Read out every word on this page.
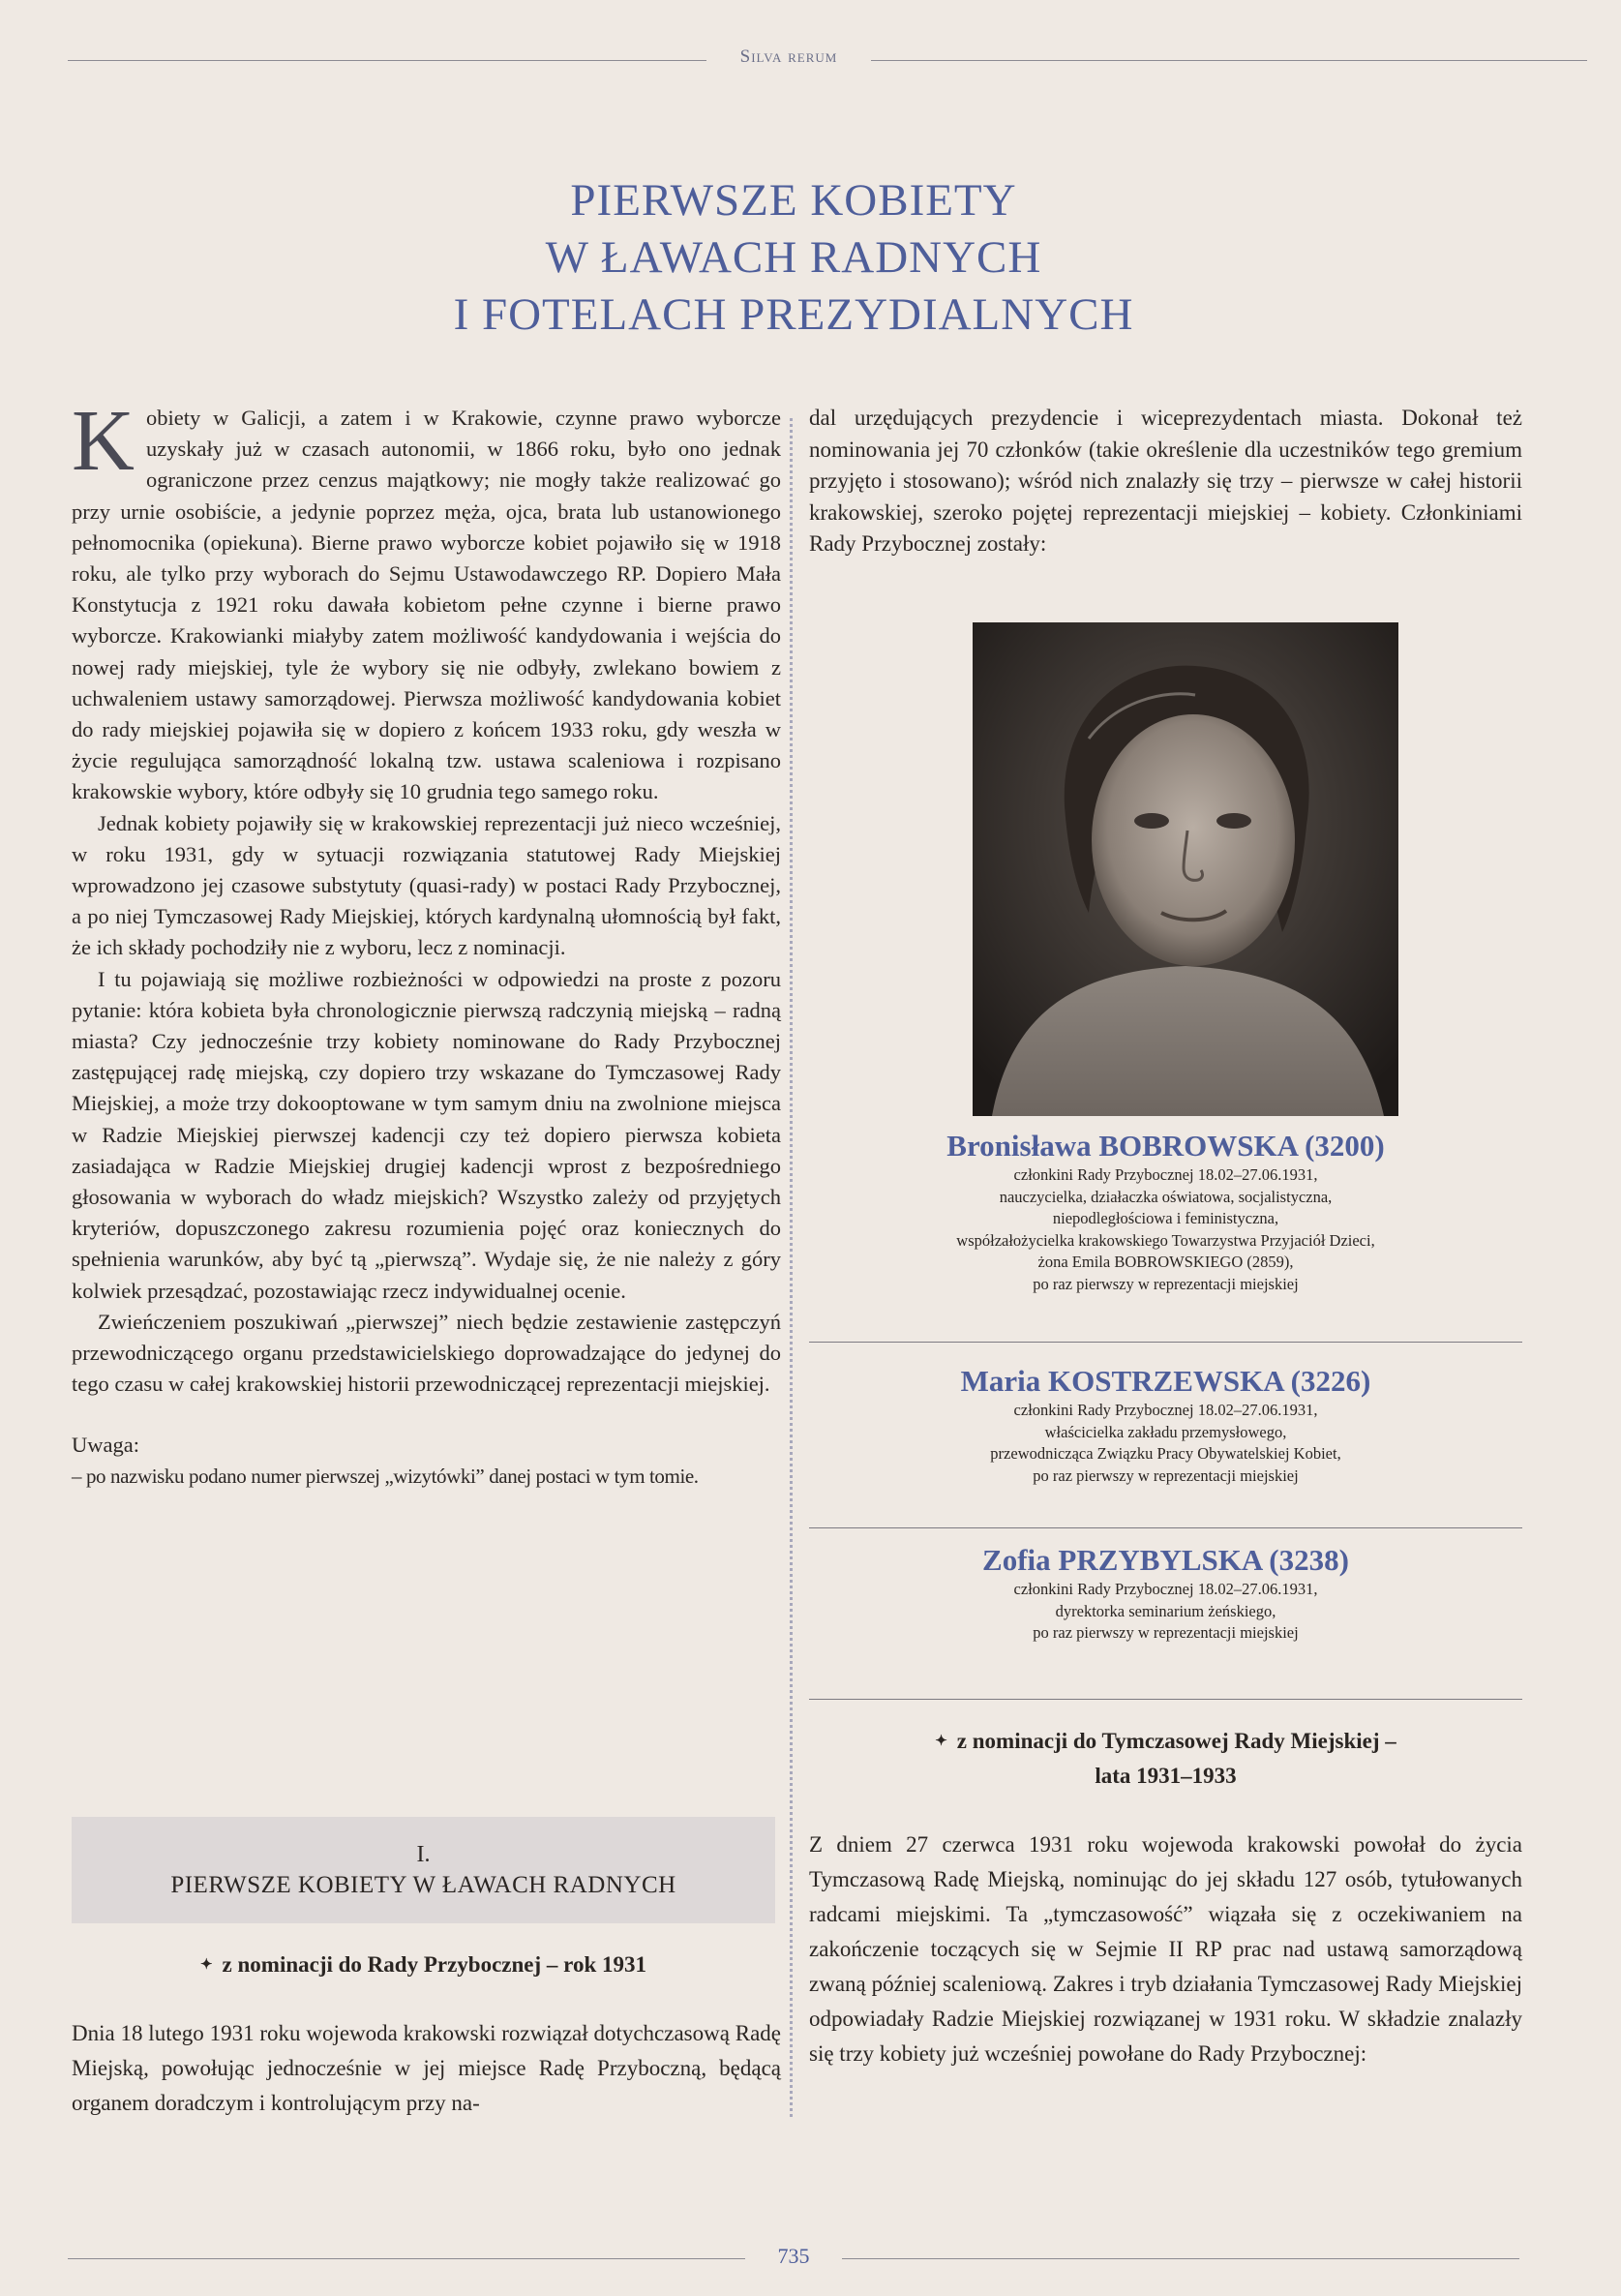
Silva rerum
PIERWSZE KOBIETY
W ŁAWACH RADNYCH
I FOTELACH PREZYDIALNYCH

Kobiety w Galicji, a zatem i w Krakowie, czynne prawo wyborcze uzyskały już w czasach autonomii, w 1866 roku, było ono jednak ograniczone przez cenzus majątkowy; nie mogły także realizować go przy urnie osobiście, a jedynie poprzez męża, ojca, brata lub ustanowionego pełnomocnika (opiekuna). Bierne prawo wyborcze kobiet pojawiło się w 1918 roku, ale tylko przy wyborach do Sejmu Ustawodawczego RP. Dopiero Mała Konstytucja z 1921 roku dawała kobietom pełne czynne i bierne prawo wyborcze. Krakowianki miałyby zatem możliwość kandydowania i wejścia do nowej rady miejskiej, tyle że wybory się nie odbyły, zwlekano bowiem z uchwaleniem ustawy samorządowej. Pierwsza możliwość kandydowania kobiet do rady miejskiej pojawiła się w dopiero z końcem 1933 roku, gdy weszła w życie regulująca samorządność lokalną tzw. ustawa scaleniowa i rozpisano krakowskie wybory, które odbyły się 10 grudnia tego samego roku.

Jednak kobiety pojawiły się w krakowskiej reprezentacji już nieco wcześniej, w roku 1931, gdy w sytuacji rozwiązania statutowej Rady Miejskiej wprowadzono jej czasowe substytuty (quasi-rady) w postaci Rady Przybocznej, a po niej Tymczasowej Rady Miejskiej, których kardynalną ułomnością był fakt, że ich składy pochodziły nie z wyboru, lecz z nominacji.

I tu pojawiają się możliwe rozbieżności w odpowiedzi na proste z pozoru pytanie: która kobieta była chronologicznie pierwszą radczynią miejską – radną miasta? Czy jednocześnie trzy kobiety nominowane do Rady Przybocznej zastępującej radę miejską, czy dopiero trzy wskazane do Tymczasowej Rady Miejskiej, a może trzy dokooptowane w tym samym dniu na zwolnione miejsca w Radzie Miejskiej pierwszej kadencji czy też dopiero pierwsza kobieta zasiadająca w Radzie Miejskiej drugiej kadencji wprost z bezpośredniego głosowania w wyborach do władz miejskich? Wszystko zależy od przyjętych kryteriów, dopuszczonego zakresu rozumienia pojęć oraz koniecznych do spełnienia warunków, aby być tą „pierwszą”. Wydaje się, że nie należy z góry kolwiek przesądzać, pozostawiając rzecz indywidualnej ocenie.

Zwieńczeniem poszukiwań „pierwszej” niech będzie zestawienie zastępczyń przewodniczącego organu przedstawicielskiego doprowadzające do jedynej do tego czasu w całej krakowskiej historii przewodniczącej reprezentacji miejskiej.

Uwaga:

– po nazwisku podano numer pierwszej „wizytówki” danej postaci w tym tomie.

I.
PIERWSZE KOBIETY W ŁAWACH RADNYCH
✦ z nominacji do Rady Przybocznej – rok 1931
Dnia 18 lutego 1931 roku wojewoda krakowski rozwiązał dotychczasową Radę Miejską, powołując jednocześnie w jej miejsce Radę Przyboczną, będącą organem doradczym i kontrolującym przy na-

dal urzędujących prezydencie i wiceprezydentach miasta. Dokonał też nominowania jej 70 członków (takie określenie dla uczestników tego gremium przyjęto i stosowano); wśród nich znalazły się trzy – pierwsze w całej historii krakowskiej, szeroko pojętej reprezentacji miejskiej – kobiety. Członkiniami Rady Przybocznej zostały:

Bronisława BOBROWSKA (3200)
członkini Rady Przybocznej 18.02–27.06.1931,
nauczycielka, działaczka oświatowa, socjalistyczna,
niepodległościowa i feministyczna,
współzałożycielka krakowskiego Towarzystwa Przyjaciół Dzieci,
żona Emila BOBROWSKIEGO (2859),
po raz pierwszy w reprezentacji miejskiej
Maria KOSTRZEWSKA (3226)
członkini Rady Przybocznej 18.02–27.06.1931,
właścicielka zakładu przemysłowego,
przewodnicząca Związku Pracy Obywatelskiej Kobiet,
po raz pierwszy w reprezentacji miejskiej
Zofia PRZYBYLSKA (3238)
członkini Rady Przybocznej 18.02–27.06.1931,
dyrektorka seminarium żeńskiego,
po raz pierwszy w reprezentacji miejskiej
✦ z nominacji do Tymczasowej Rady Miejskiej –
lata 1931–1933
Z dniem 27 czerwca 1931 roku wojewoda krakowski powołał do życia Tymczasową Radę Miejską, nominując do jej składu 127 osób, tytułowanych radcami miejskimi. Ta „tymczasowość” wiązała się z oczekiwaniem na zakończenie toczących się w Sejmie II RP prac nad ustawą samorządową zwaną później scaleniową. Zakres i tryb działania Tymczasowej Rady Miejskiej odpowiadały Radzie Miejskiej rozwiązanej w 1931 roku. W składzie znalazły się trzy kobiety już wcześniej powołane do Rady Przybocznej:
735
